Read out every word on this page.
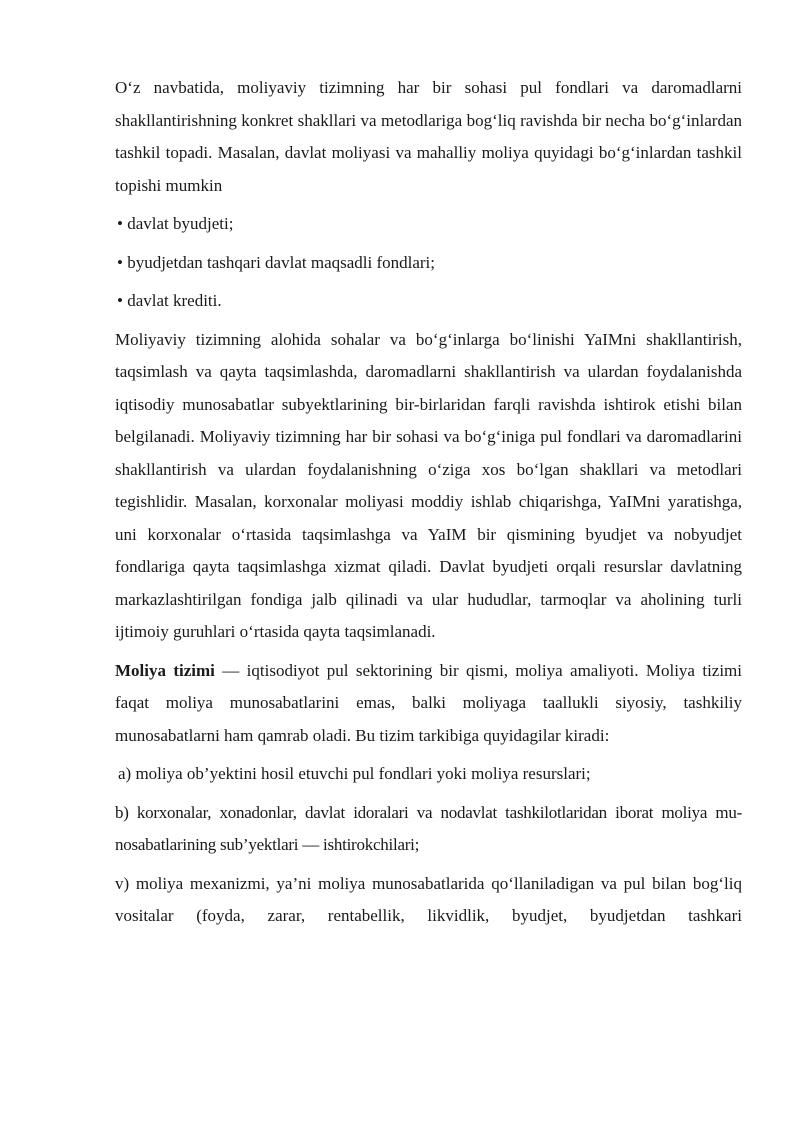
O‘z navbatida, moliyaviy tizimning har bir sohasi pul fondlari va daromadlarni shakllantirishning konkret shakllari va metodlariga bog‘liq ravishda bir necha bo‘g‘inlardan tashkil topadi. Masalan, davlat moliyasi va mahalliy moliya quyidagi bo‘g‘inlardan tashkil topishi mumkin

• davlat byudjeti;

• byudjetdan tashqari davlat maqsadli fondlari;

• davlat krediti.

Moliyaviy tizimning alohida sohalar va bo‘g‘inlarga bo‘linishi YaIMni shakllantirish, taqsimlash va qayta taqsimlashda, daromadlarni shakllantirish va ulardan foydalanishda iqtisodiy munosabatlar subyektlarining bir-birlaridan farqli ravishda ishtirok etishi bilan belgilanadi. Moliyaviy tizimning har bir sohasi va bo‘g‘iniga pul fondlari va daromadlarini shakllantirish va ulardan foydalanishning o‘ziga xos bo‘lgan shakllari va metodlari tegishlidir. Masalan, korxonalar moliyasi moddiy ishlab chiqarishga, YaIMni yaratishga, uni korxonalar o‘rtasida taqsimlashga va YaIM bir qismining byudjet va nobyudjet fondlariga qayta taqsimlashga xizmat qiladi. Davlat byudjeti orqali resurslar davlatning markazlashtirilgan fondiga jalb qilinadi va ular hududlar, tarmoqlar va aholining turli ijtimoiy guruhlari o‘rtasida qayta taqsimlanadi.

Moliya tizimi — iqtisodiyot pul sektorining bir qismi, moliya amaliyoti. Moliya tizimi faqat moliya munosabatlarini emas, balki moliyaga taallukli siyosiy, tashkiliy munosabatlarni ham qamrab oladi. Bu tizim tarkibiga quyidagilar kiradi:

a) moliya ob’yektini hosil etuvchi pul fondlari yoki moliya resurslari;

b) korxonalar, xonadonlar, davlat idoralari va nodavlat tashkilotlaridan iborat moliya mu-nosabatlarining sub’yektlari — ishtirokchilari;

v) moliya mexanizmi, ya’ni moliya munosabatlarida qo‘llaniladigan va pul bilan bog‘liq vositalar (foyda, zarar, rentabellik, likvidlik, byudjet, byudjetdan tashkari
